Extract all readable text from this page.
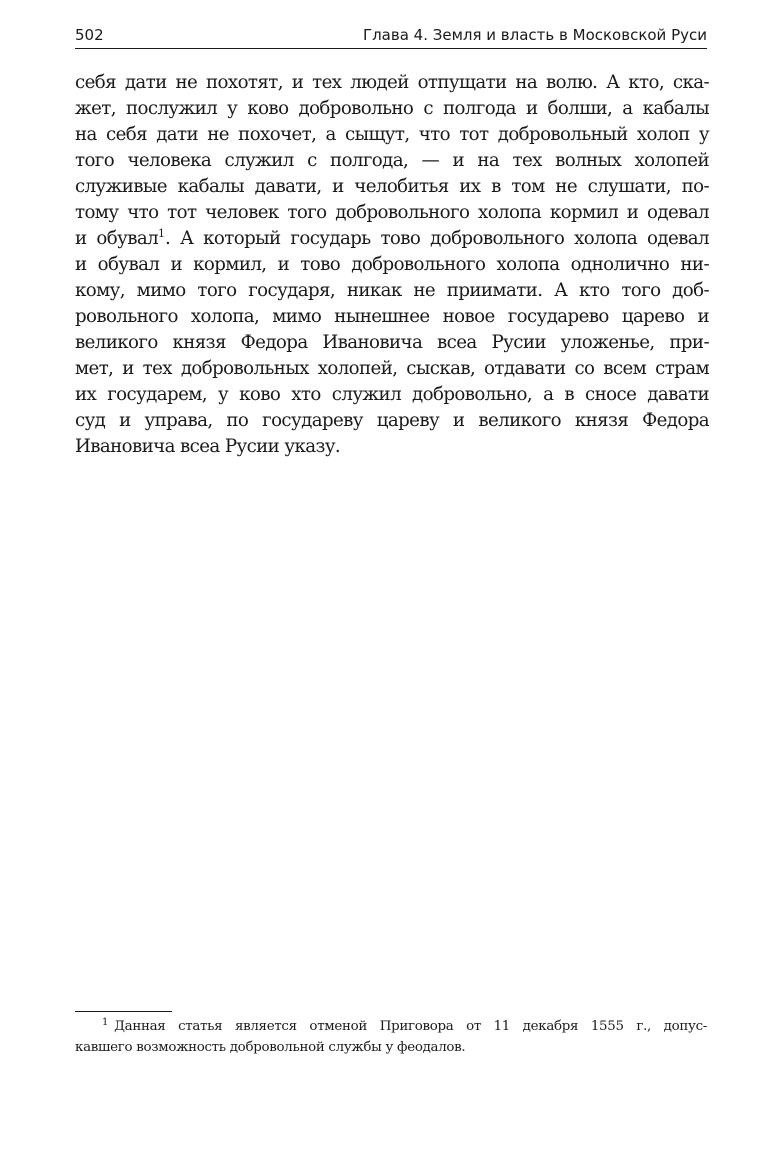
502	Глава 4. Земля и власть в Московской Руси
себя дати не похотят, и тех людей отпущати на волю. А кто, ска-
жет, послужил у ково добровольно с полгода и болши, а кабалы
на себя дати не похочет, а сыщут, что тот добровольный холоп у
того человека служил с полгода, — и на тех волных холопей
служивые кабалы давати, и челобитья их в том не слушати, по-
тому что тот человек того добровольного холопа кормил и одевал
и обувал$^1$. А который государь тово добровольного холопа одевал
и обувал и кормил, и тово добровольного холопа однолично ни-
кому, мимо того государя, никак не приимати. А кто того доб-
ровольного холопа, мимо нынешнее новое государево царево и
великого князя Федора Ивановича всеа Русии уложенье, при-
мет, и тех добровольных холопей, сыскав, отдавати со всем страм
их государем, у ково хто служил добровольно, а в сносе давати
суд и управа, по государеву цареву и великого князя Федора
Ивановича всеа Русии указу.
$^1$ Данная статья является отменой Приговора от 11 декабря 1555 г., допус-
кавшего возможность добровольной службы у феодалов.
